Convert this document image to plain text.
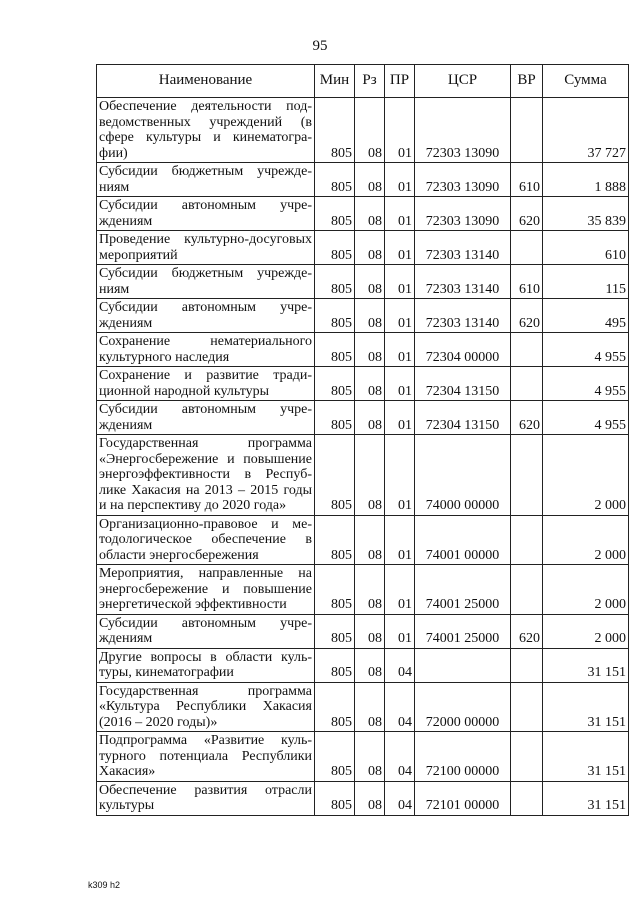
95
Наименование	Мин	Рз	ПР	ЦСР	ВР	Сумма
Обеспечение деятельности под-ведомственных учреждений (в сфере культуры и кинематогра-фии)	805	08	01	72303 13090		37 727
Субсидии бюджетным учрежде-ниям	805	08	01	72303 13090	610	1 888
Субсидии автономным учре-ждениям	805	08	01	72303 13090	620	35 839
Проведение культурно-досуговых мероприятий	805	08	01	72303 13140		610
Субсидии бюджетным учрежде-ниям	805	08	01	72303 13140	610	115
Субсидии автономным учре-ждениям	805	08	01	72303 13140	620	495
Сохранение нематериального культурного наследия	805	08	01	72304 00000		4 955
Сохранение и развитие тради-ционной народной культуры	805	08	01	72304 13150		4 955
Субсидии автономным учре-ждениям	805	08	01	72304 13150	620	4 955
Государственная программа «Энергосбережение и повышение энергоэффективности в Респуб-лике Хакасия на 2013 – 2015 годы и на перспективу до 2020 года»	805	08	01	74000 00000		2 000
Организационно-правовое и ме-тодологическое обеспечение в области энергосбережения	805	08	01	74001 00000		2 000
Мероприятия, направленные на энергосбережение и повышение энергетической эффективности	805	08	01	74001 25000		2 000
Субсидии автономным учре-ждениям	805	08	01	74001 25000	620	2 000
Другие вопросы в области куль-туры, кинематографии	805	08	04			31 151
Государственная программа «Культура Республики Хакасия (2016 – 2020 годы)»	805	08	04	72000 00000		31 151
Подпрограмма «Развитие куль-турного потенциала Республики Хакасия»	805	08	04	72100 00000		31 151
Обеспечение развития отрасли культуры	805	08	04	72101 00000		31 151
k309 h2
